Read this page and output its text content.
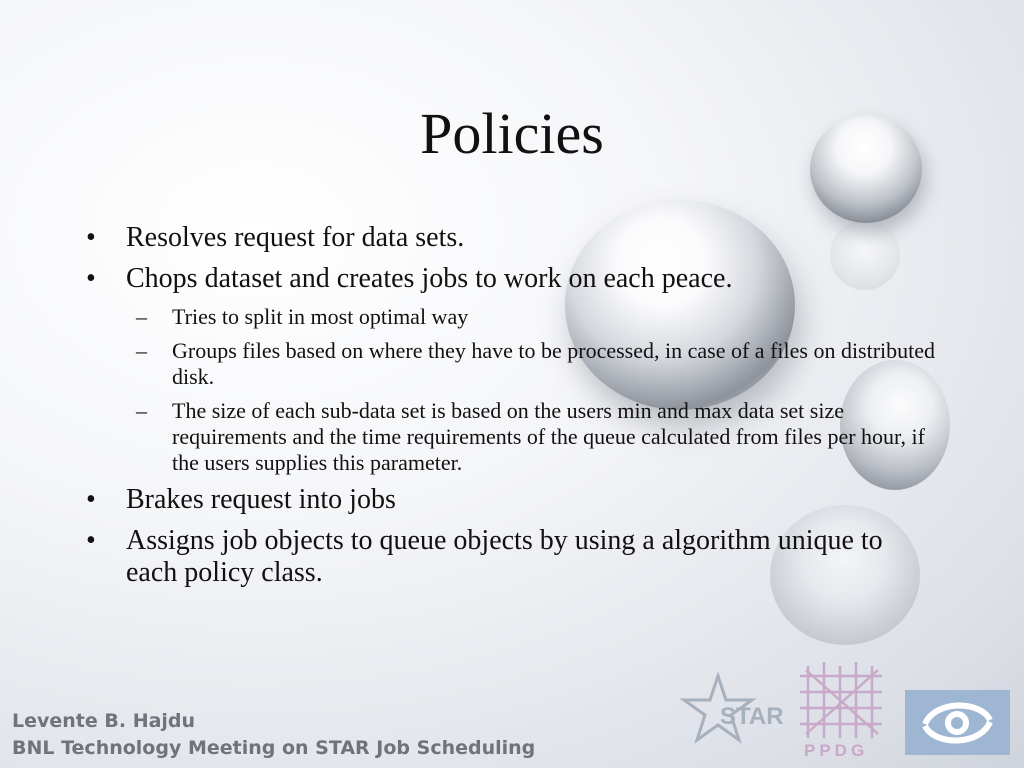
Policies
• Resolves request for data sets.
• Chops dataset and creates jobs to work on each peace.
– Tries to split in most optimal way
– Groups files based on where they have to be processed, in case of a files on distributed disk.
– The size of each sub-data set is based on the users min and max data set size requirements and the time requirements of the queue calculated from files per hour, if the users supplies this parameter.
• Brakes request into jobs
• Assigns job objects to queue objects by using a algorithm unique to each policy class.
Levente B. Hajdu
BNL Technology Meeting on STAR Job Scheduling
STAR
PPDG
